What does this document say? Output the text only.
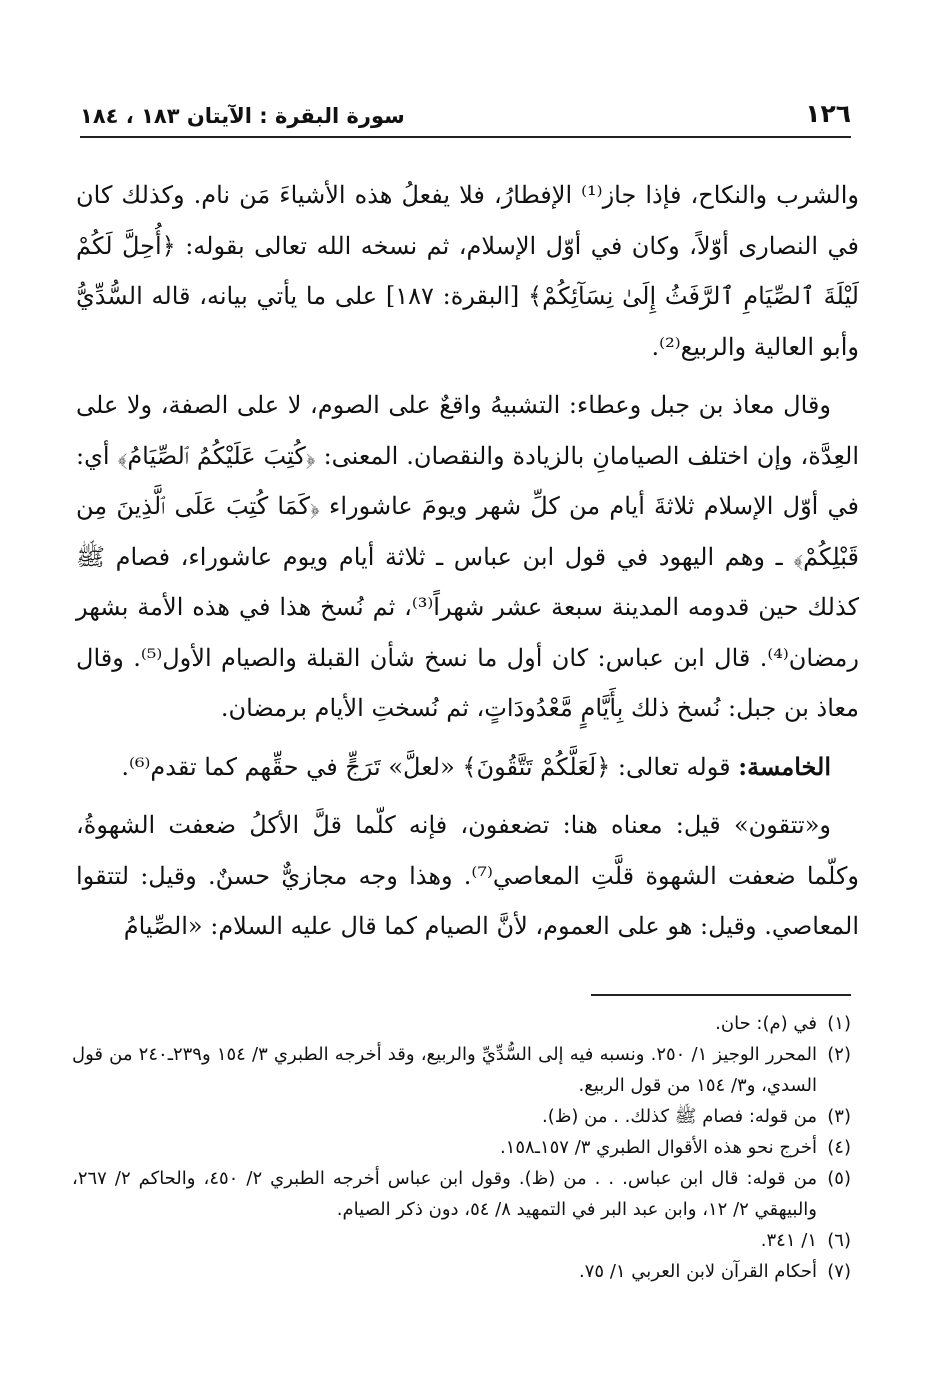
١٢٦
سورة البقرة : الآيتان ١٨٣ ، ١٨٤

والشرب والنكاح، فإذا جاز⁽¹⁾ الإفطارُ، فلا يفعلُ هذه الأشياءَ مَن نام. وكذلك كان في النصارى أوّلاً، وكان في أوّل الإسلام، ثم نسخه الله تعالى بقوله: ﴿أُحِلَّ لَكُمْ لَيْلَةَ ٱلصِّيَامِ ٱلرَّفَثُ إِلَىٰ نِسَآئِكُمْ﴾ [البقرة: ١٨٧] على ما يأتي بيانه، قاله السُّدِّيُّ وأبو العالية والربيع⁽²⁾.

وقال معاذ بن جبل وعطاء: التشبيهُ واقعٌ على الصوم، لا على الصفة، ولا على العِدَّة، وإن اختلف الصيامانِ بالزيادة والنقصان. المعنى: ﴿كُتِبَ عَلَيْكُمُ ٱلصِّيَامُ﴾ أي: في أوّل الإسلام ثلاثةَ أيام من كلِّ شهر ويومَ عاشوراء ﴿كَمَا كُتِبَ عَلَى ٱلَّذِينَ مِن قَبْلِكُمْ﴾ ـ وهم اليهود في قول ابن عباس ـ ثلاثة أيام ويوم عاشوراء، فصام ﷺ كذلك حين قدومه المدينة سبعة عشر شهراً⁽³⁾، ثم نُسخ هذا في هذه الأمة بشهر رمضان⁽⁴⁾. قال ابن عباس: كان أول ما نسخ شأن القبلة والصيام الأول⁽⁵⁾. وقال معاذ بن جبل: نُسخ ذلك بِأَيَّامٍ مَّعْدُودَاتٍ، ثم نُسختِ الأيام برمضان.

الخامسة: قوله تعالى: ﴿لَعَلَّكُمْ تَتَّقُونَ﴾ «لعلَّ» تَرَجٍّ في حقِّهم كما تقدم⁽⁶⁾.

و«تتقون» قيل: معناه هنا: تضعفون، فإنه كلّما قلَّ الأكلُ ضعفت الشهوةُ، وكلّما ضعفت الشهوة قلَّتِ المعاصي⁽⁷⁾. وهذا وجه مجازيٌّ حسنٌ. وقيل: لتتقوا المعاصي. وقيل: هو على العموم، لأنَّ الصيام كما قال عليه السلام: «الصِّيامُ

(١)
في (م): حان.
(٢)
المحرر الوجيز ١/ ٢٥٠. ونسبه فيه إلى السُّدِّيِّ والربيع، وقد أخرجه الطبري ٣/ ١٥٤ و٢٣٩ـ٢٤٠ من قول السدي، و٣/ ١٥٤ من قول الربيع.
(٣)
من قوله: فصام ﷺ كذلك. . من (ظ).
(٤)
أخرج نحو هذه الأقوال الطبري ٣/ ١٥٧ـ١٥٨.
(٥)
من قوله: قال ابن عباس. . . من (ظ). وقول ابن عباس أخرجه الطبري ٢/ ٤٥٠، والحاكم ٢/ ٢٦٧، والبيهقي ٢/ ١٢، وابن عبد البر في التمهيد ٨/ ٥٤، دون ذكر الصيام.
(٦)
١/ ٣٤١.
(٧)
أحكام القرآن لابن العربي ١/ ٧٥.
